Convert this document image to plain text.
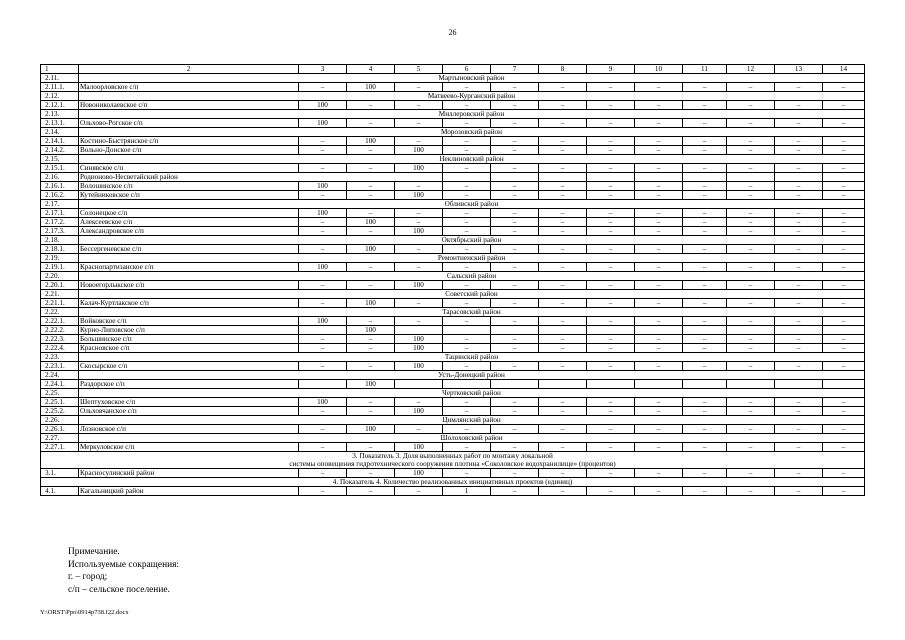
26
1	2	3	4	5	6	7	8	9	10	11	12	13	14
2.11.	Мартыновский район												
2.11.1.	Малоорловское с/п	–	100	–	–	–	–	–	–	–	–	–	–
2.12.	Матвеево-Курганский район												
2.12.1.	Новониколаевское с/п	100	–	–	–	–	–	–	–	–	–	–	–
2.13.	Миллеровский район												
2.13.1.	Ольхово-Рогское с/п	100	–	–	–	–	–	–	–	–	–	–	–
2.14.	Морозовский район												
2.14.1.	Костино-Быстрянское с/п	–	100	–	–	–	–	–	–	–	–	–	–
2.14.2.	Вольно-Донское с/п	–	–	100	–	–	–	–	–	–	–	–	–
2.15.	Неклиновский район												
2.15.1.	Синявское с/п	–	–	100	–	–	–	–	–	–	–	–	–
2.16.	Родионово-Несветайский район												
2.16.1.	Волошинское с/п	100	–	–	–	–	–	–	–	–	–	–	–
2.16.2.	Кутейниковское с/п	–	–	100	–	–	–	–	–	–	–	–	–
2.17.	Обливский район												
2.17.1.	Солонецкое с/п	100	–	–	–	–	–	–	–	–	–	–	–
2.17.2.	Алексеевское с/п	–	100	–	–	–	–	–	–	–	–	–	–
2.17.3.	Александровское с/п	–	–	100	–	–	–	–	–	–	–	–	–
2.18.	Октябрьский район												
2.18.1.	Бессергеневское с/п	–	100	–	–	–	–	–	–	–	–	–	–
2.19.	Ремонтненский район												
2.19.1.	Краснопартизанское с/п	100	–	–	–	–	–	–	–	–	–	–	–
2.20.	Сальский район												
2.20.1.	Новоегорлыкское с/п	–	–	100	–	–	–	–	–	–	–	–	–
2.21.	Советский район												
2.21.1.	Калач-Куртлакское с/п	–	100	–	–	–	–	–	–	–	–	–	–
2.22.	Тарасовский район												
2.22.1.	Войковское с/п	100	–	–	–	–	–	–	–	–	–	–	–
2.22.2.	Курно-Липовское с/п		100										
2.22.3.	Большинское с/п	–	–	100	–	–	–	–	–	–	–	–	–
2.22.4.	Красновское с/п	–	–	100	–	–	–	–	–	–	–	–	–
2.23.	Тацинский район												
2.23.1.	Скосырское с/п	–	–	100	–	–	–	–	–	–	–	–	–
2.24.	Усть-Донецкий район												
2.24.1.	Раздорское с/п		100										
2.25.	Чертковский район												
2.25.1.	Шептуховское с/п	100	–	–	–	–	–	–	–	–	–	–	–
2.25.2.	Ольховчанское с/п	–	–	100	–	–	–	–	–	–	–	–	–
2.26.	Цимлянский район												
2.26.1.	Лозновское с/п	–	100	–	–	–	–	–	–	–	–	–	–
2.27.	Шолоховский район												
2.27.1.	Меркуловское с/п	–	–	100	–	–	–	–	–	–	–	–	–

3. Показатель 3. Доля выполненных работ по монтажу локальной
системы оповещения гидротехнического сооружения плотина «Соколовское водохранилище» (процентов)													

3.1.	Красносулинский район	–	–	100	–	–	–	–	–	–	–	–	–

4. Показатель 4. Количество реализованных инициативных проектов (единиц)													

4.1.	Кагальницкий район	–	–	–	1	–	–	–	–	–	–	–	–
Примечание.
Используемые сокращения:
г. – город;
с/п – сельское поселение.
Y:\ORST\Ppo\0914p738.f22.docx
